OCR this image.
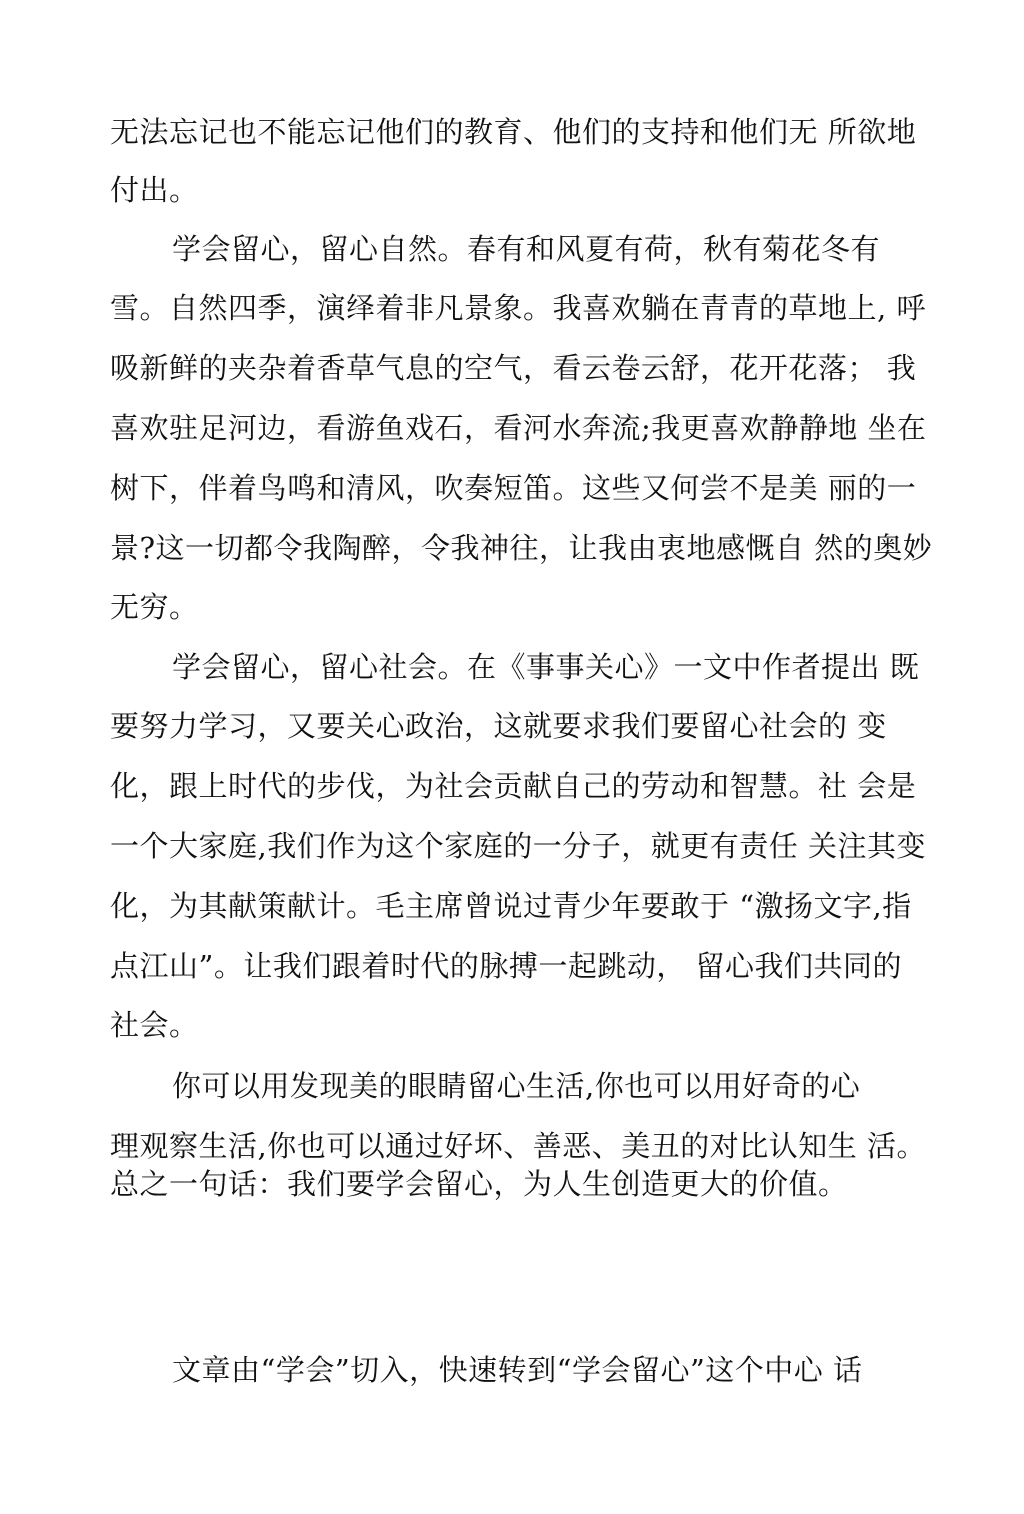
无法忘记也不能忘记他们的教育、他们的支持和他们无 所欲地
付出。
学会留心，留心自然。春有和风夏有荷，秋有菊花冬有
雪。自然四季，演绎着非凡景象。我喜欢躺在青青的草地上, 呼
吸新鲜的夹杂着香草气息的空气，看云卷云舒，花开花落； 我
喜欢驻足河边，看游鱼戏石，看河水奔流;我更喜欢静静地 坐在
树下，伴着鸟鸣和清风，吹奏短笛。这些又何尝不是美 丽的一
景?这一切都令我陶醉，令我神往，让我由衷地感慨自 然的奥妙
无穷。
学会留心，留心社会。在《事事关心》一文中作者提出 既
要努力学习，又要关心政治，这就要求我们要留心社会的 变
化，跟上时代的步伐，为社会贡献自己的劳动和智慧。社 会是
一个大家庭,我们作为这个家庭的一分子，就更有责任 关注其变
化，为其献策献计。毛主席曾说过青少年要敢于 “激扬文字,指
点江山”。让我们跟着时代的脉搏一起跳动， 留心我们共同的
社会。
你可以用发现美的眼睛留心生活,你也可以用好奇的心
理观察生活,你也可以通过好坏、善恶、美丑的对比认知生 活。
总之一句话：我们要学会留心，为人生创造更大的价值。
文章由“学会”切入，快速转到“学会留心”这个中心 话
